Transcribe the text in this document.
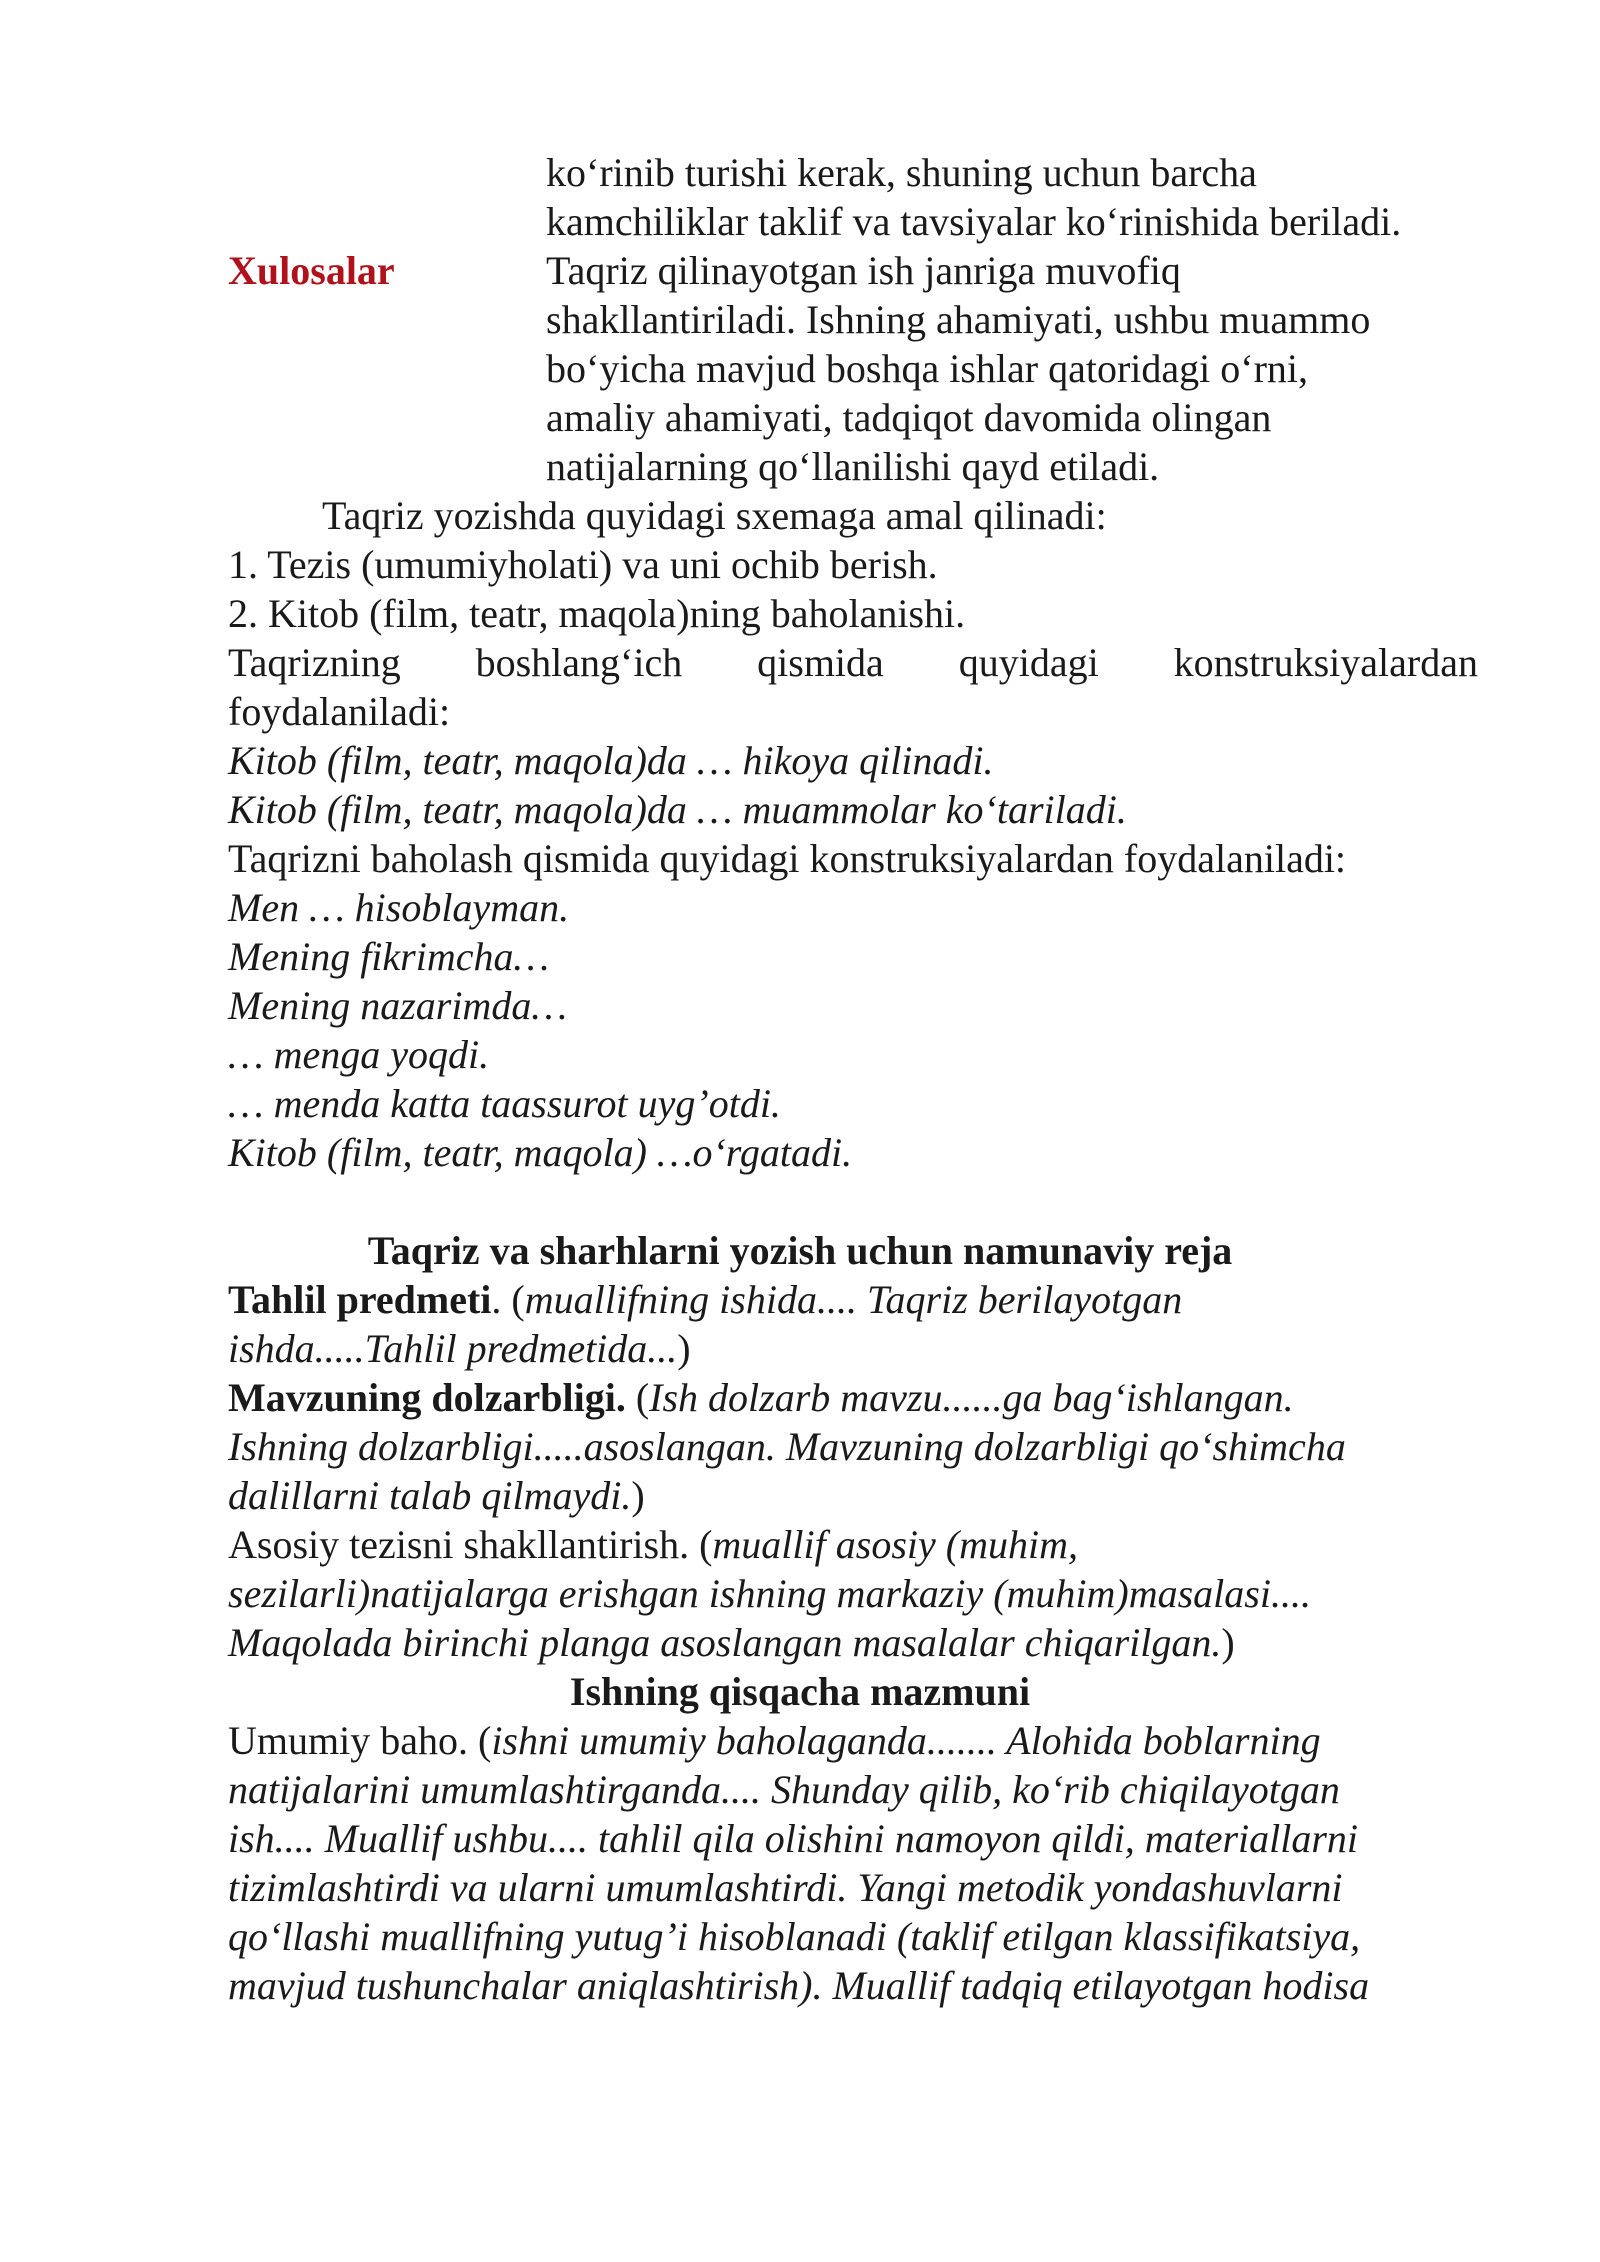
ko‘rinib turishi kerak, shuning uchun barcha
kamchiliklar taklif va tavsiyalar ko‘rinishida beriladi.
Xulosalar	Taqriz qilinayotgan ish janriga muvofiq
shakllantiriladi. Ishning ahamiyati, ushbu muammo
bo‘yicha mavjud boshqa ishlar qatoridagi o‘rni,
amaliy ahamiyati, tadqiqot davomida olingan
natijalarning qo‘llanilishi qayd etiladi.
Taqriz yozishda quyidagi sxemaga amal qilinadi:
1. Tezis (umumiyholati) va uni ochib berish.
2. Kitob (film, teatr, maqola)ning baholanishi.
Taqrizning boshlang‘ich qismida quyidagi konstruksiyalardan
foydalaniladi:
Kitob (film, teatr, maqola)da … hikoya qilinadi.
Kitob (film, teatr, maqola)da … muammolar ko‘tariladi.
Taqrizni baholash qismida quyidagi konstruksiyalardan foydalaniladi:
Men … hisoblayman.
Mening fikrimcha…
Mening nazarimda…
… menga yoqdi.
… menda katta taassurot uyg’otdi.
Kitob (film, teatr, maqola) …o‘rgatadi.
Taqriz va sharhlarni yozish uchun namunaviy reja
Tahlil predmeti. (muallifning ishida.... Taqriz berilayotgan
ishda.....Tahlil predmetida...)
Mavzuning dolzarbligi. (Ish dolzarb mavzu......ga bag‘ishlangan.
Ishning dolzarbligi.....asoslangan. Mavzuning dolzarbligi qo‘shimcha
dalillarni talab qilmaydi.)
Asosiy tezisni shakllantirish. (muallif asosiy (muhim,
sezilarli)natijalarga erishgan ishning markaziy (muhim)masalasi....
Maqolada birinchi planga asoslangan masalalar chiqarilgan.)
Ishning qisqacha mazmuni
Umumiy baho. (ishni umumiy baholaganda....... Alohida boblarning
natijalarini umumlashtirganda.... Shunday qilib, ko‘rib chiqilayotgan
ish.... Muallif ushbu.... tahlil qila olishini namoyon qildi, materiallarni
tizimlashtirdi va ularni umumlashtirdi. Yangi metodik yondashuvlarni
qo‘llashi muallifning yutug’i hisoblanadi (taklif etilgan klassifikatsiya,
mavjud tushunchalar aniqlashtirish). Muallif tadqiq etilayotgan hodisa
